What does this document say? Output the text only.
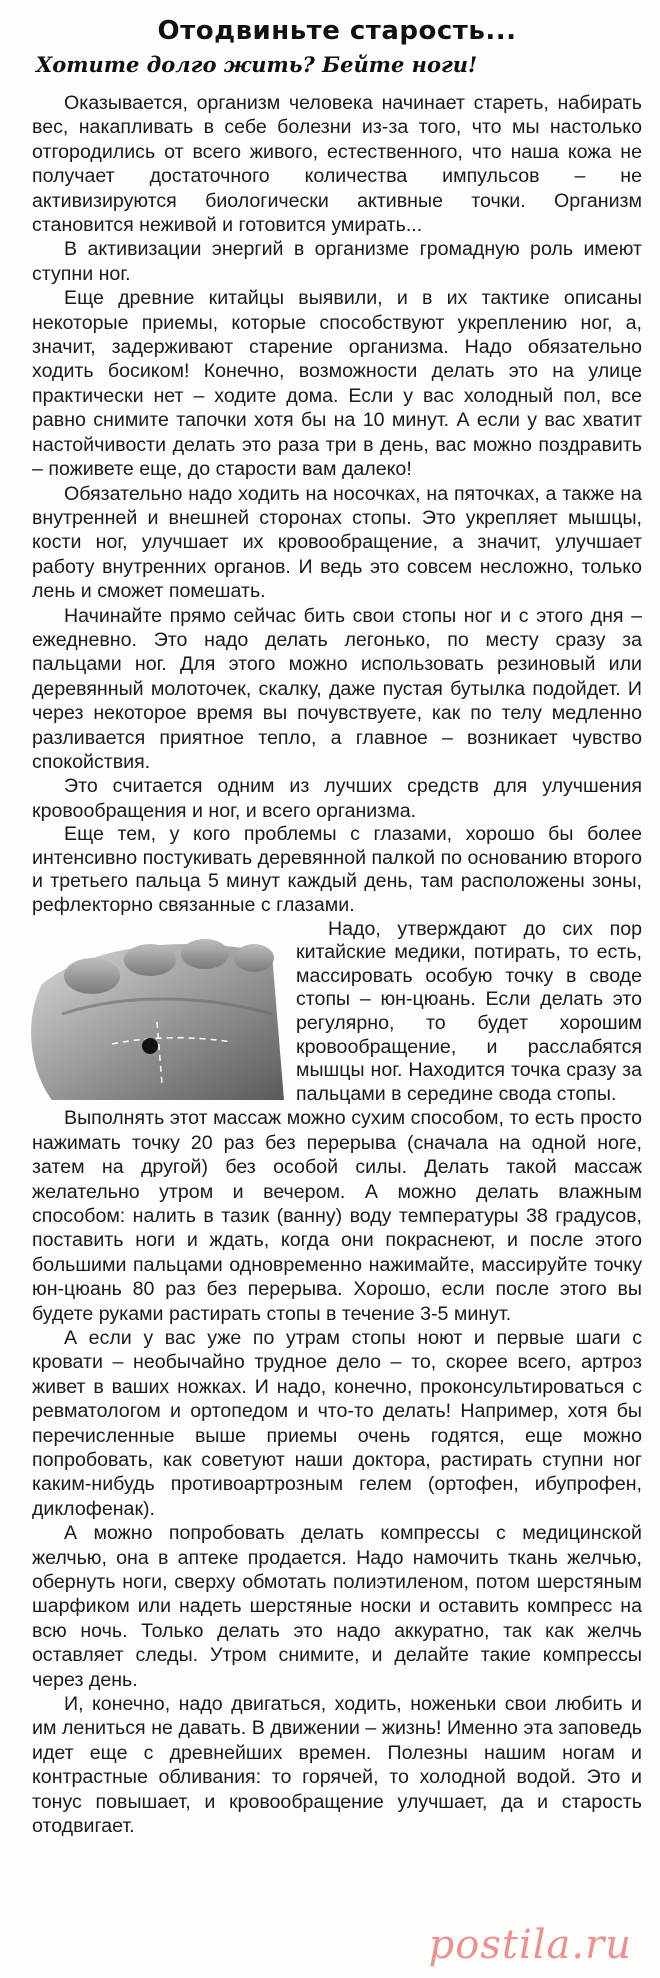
Отодвиньте старость...
Хотите долго жить? Бейте ноги!

Оказывается, организм человека начинает стареть, набирать вес, накапливать в себе болезни из-за того, что мы настолько отгородились от всего живого, естественного, что наша кожа не получает достаточного количества импульсов – не активизируются биологически активные точки. Организм становится неживой и готовится умирать...

В активизации энергий в организме громадную роль имеют ступни ног.

Еще древние китайцы выявили, и в их тактике описаны некоторые приемы, которые способствуют укреплению ног, а, значит, задерживают старение организма. Надо обязательно ходить босиком! Конечно, возможности делать это на улице практически нет – ходите дома. Если у вас холодный пол, все равно снимите тапочки хотя бы на 10 минут. А если у вас хватит настойчивости делать это раза три в день, вас можно поздравить – поживете еще, до старости вам далеко!

Обязательно надо ходить на носочках, на пяточках, а также на внутренней и внешней сторонах стопы. Это укрепляет мышцы, кости ног, улучшает их кровообращение, а значит, улучшает работу внутренних органов. И ведь это совсем несложно, только лень и сможет помешать.

Начинайте прямо сейчас бить свои стопы ног и с этого дня – ежедневно. Это надо делать легонько, по месту сразу за пальцами ног. Для этого можно использовать резиновый или деревянный молоточек, скалку, даже пустая бутылка подойдет. И через некоторое время вы почувствуете, как по телу медленно разливается приятное тепло, а главное – возникает чувство спокойствия.

Это считается одним из лучших средств для улучшения кровообращения и ног, и всего организма.

Еще тем, у кого проблемы с глазами, хорошо бы более интенсивно постукивать деревянной палкой по основанию второго и третьего пальца 5 минут каждый день, там расположены зоны, рефлекторно связанные с глазами.

Надо, утверждают до сих пор китайские медики, потирать, то есть, массировать особую точку в своде стопы – юн-цюань. Если делать это регулярно, то будет хорошим кровообращение, и расслабятся мышцы ног. Находится точка сразу за пальцами в середине свода стопы.

Выполнять этот массаж можно сухим способом, то есть просто нажимать точку 20 раз без перерыва (сначала на одной ноге, затем на другой) без особой силы. Делать такой массаж желательно утром и вечером. А можно делать влажным способом: налить в тазик (ванну) воду температуры 38 градусов, поставить ноги и ждать, когда они покраснеют, и после этого большими пальцами одновременно нажимайте, массируйте точку юн-цюань 80 раз без перерыва. Хорошо, если после этого вы будете руками растирать стопы в течение 3-5 минут.

А если у вас уже по утрам стопы ноют и первые шаги с кровати – необычайно трудное дело – то, скорее всего, артроз живет в ваших ножках. И надо, конечно, проконсультироваться с ревматологом и ортопедом и что-то делать! Например, хотя бы перечисленные выше приемы очень годятся, еще можно попробовать, как советуют наши доктора, растирать ступни ног каким-нибудь противоартрозным гелем (ортофен, ибупрофен, диклофенак).

А можно попробовать делать компрессы с медицинской желчью, она в аптеке продается. Надо намочить ткань желчью, обернуть ноги, сверху обмотать полиэтиленом, потом шерстяным шарфиком или надеть шерстяные носки и оставить компресс на всю ночь. Только делать это надо аккуратно, так как желчь оставляет следы. Утром снимите, и делайте такие компрессы через день.

И, конечно, надо двигаться, ходить, ноженьки свои любить и им лениться не давать. В движении – жизнь! Именно эта заповедь идет еще с древнейших времен. Полезны нашим ногам и контрастные обливания: то горячей, то холодной водой. Это и тонус повышает, и кровообращение улучшает, да и старость отодвигает.

postila.ru
